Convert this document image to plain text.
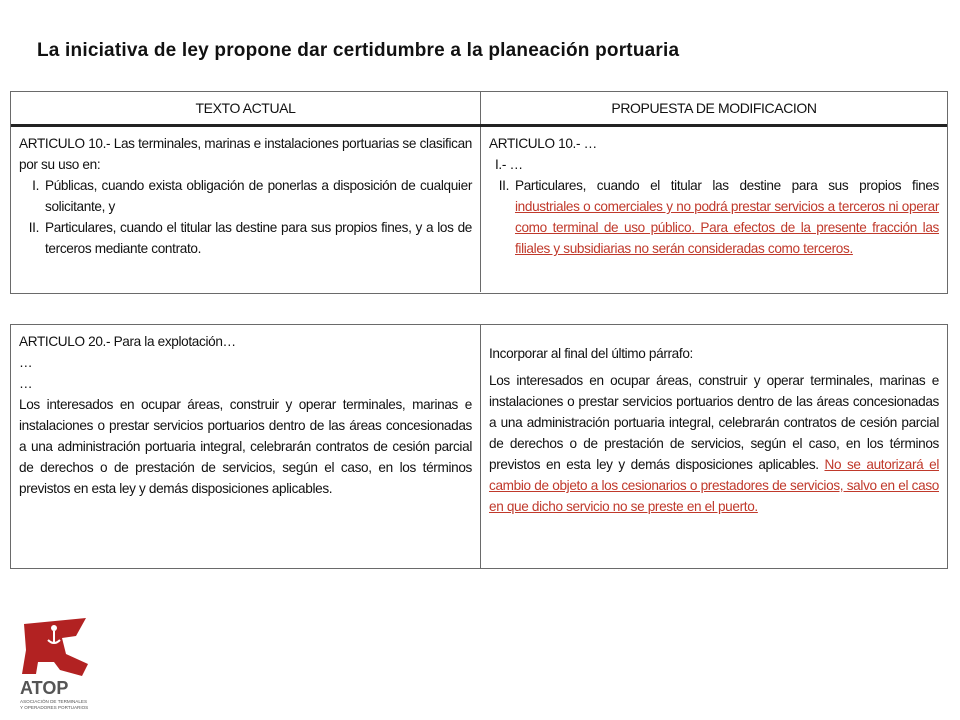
La iniciativa de ley propone dar certidumbre a la planeación portuaria
TEXTO ACTUAL	PROPUESTA DE MODIFICACION

ARTICULO 10.- Las terminales, marinas e instalaciones portuarias se clasifican por su uso en:

I. Públicas, cuando exista obligación de ponerlas a disposición de cualquier solicitante, y
II. Particulares, cuando el titular las destine para sus propios fines, y a los de terceros mediante contrato.

ARTICULO 10.- …

I.- …

II. Particulares, cuando el titular las destine para sus propios fines industriales o comerciales y no podrá prestar servicios a terceros ni operar como terminal de uso público. Para efectos de la presente fracción las filiales y subsidiarias no serán consideradas como terceros.

ARTICULO 20.- Para la explotación…

…

…

Los interesados en ocupar áreas, construir y operar terminales, marinas e instalaciones o prestar servicios portuarios dentro de las áreas concesionadas a una administración portuaria integral, celebrarán contratos de cesión parcial de derechos o de prestación de servicios, según el caso, en los términos previstos en esta ley y demás disposiciones aplicables.

Incorporar al final del último párrafo:

Los interesados en ocupar áreas, construir y operar terminales, marinas e instalaciones o prestar servicios portuarios dentro de las áreas concesionadas a una administración portuaria integral, celebrarán contratos de cesión parcial de derechos o de prestación de servicios, según el caso, en los términos previstos en esta ley y demás disposiciones aplicables. No se autorizará el cambio de objeto a los cesionarios o prestadores de servicios, salvo en el caso en que dicho servicio no se preste en el puerto.

ATOP
ASOCIACIÓN DE TERMINALES
Y OPERADORES PORTUARIOS
